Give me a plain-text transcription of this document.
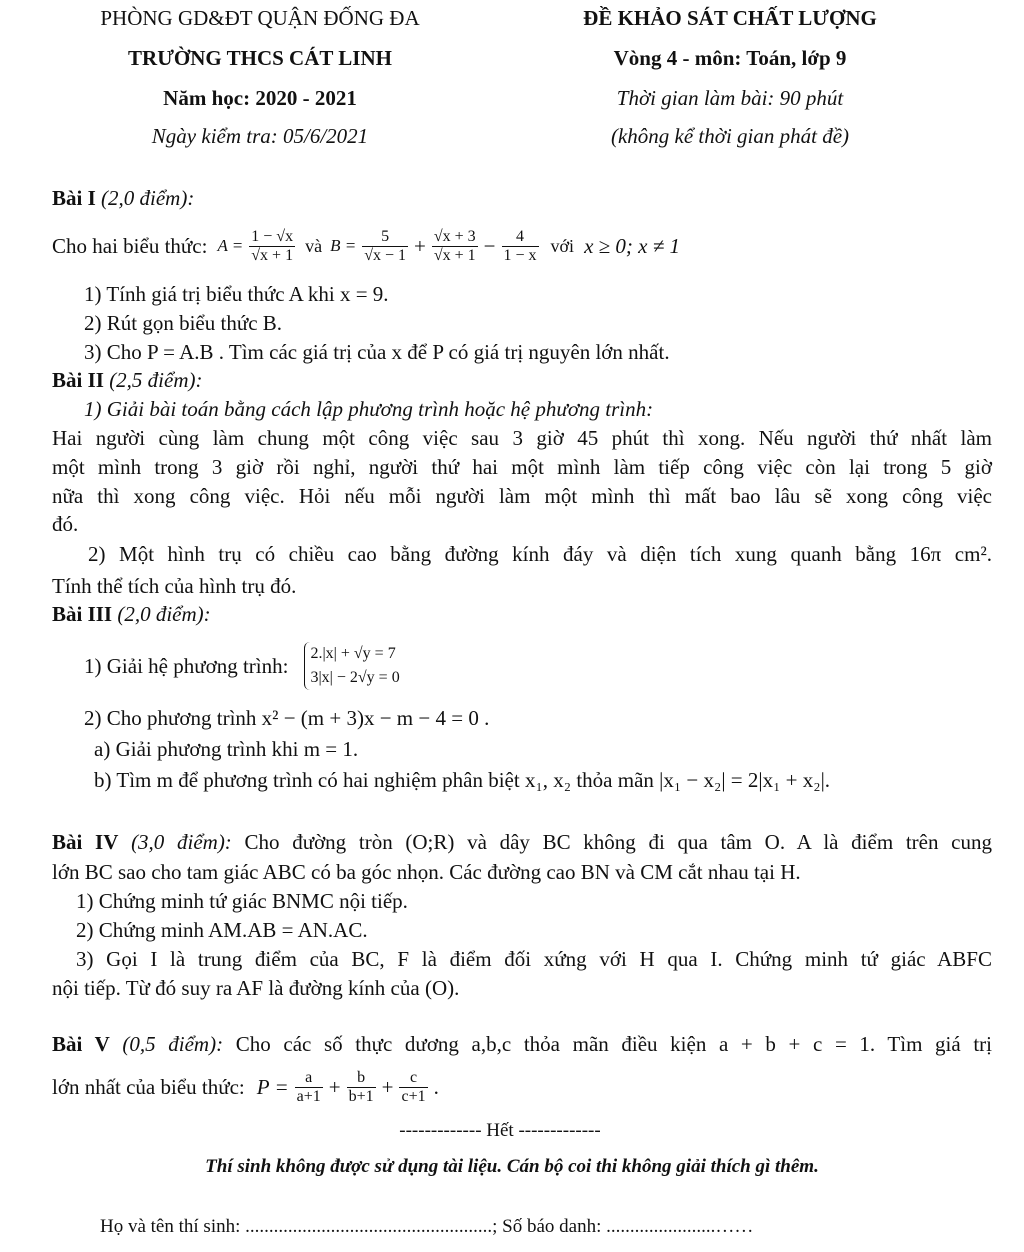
PHÒNG GD&ĐT QUẬN ĐỐNG ĐA
TRƯỜNG THCS CÁT LINH
Năm học: 2020 - 2021
Ngày kiểm tra: 05/6/2021
ĐỀ KHẢO SÁT CHẤT LƯỢNG
Vòng 4 - môn: Toán, lớp 9
Thời gian làm bài: 90 phút
(không kể thời gian phát đề)
Bài I (2,0 điểm):
Cho hai biểu thức: $A = \frac{1 - √x}{√x + 1}$ và $B = \frac{5}{√x - 1} + \frac{√x + 3}{√x + 1} - \frac{4}{1 - x}$ với x ≥ 0; x ≠ 1
1) Tính giá trị biểu thức A khi x = 9.
2) Rút gọn biểu thức B.
3) Cho P = A.B . Tìm các giá trị của x để P có giá trị nguyên lớn nhất.
Bài II (2,5 điểm):
1) Giải bài toán bằng cách lập phương trình hoặc hệ phương trình:
Hai người cùng làm chung một công việc sau 3 giờ 45 phút thì xong. Nếu người thứ nhất làm
một mình trong 3 giờ rồi nghỉ, người thứ hai một mình làm tiếp công việc còn lại trong 5 giờ
nữa thì xong công việc. Hỏi nếu mỗi người làm một mình thì mất bao lâu sẽ xong công việc
đó.
2) Một hình trụ có chiều cao bằng đường kính đáy và diện tích xung quanh bằng 16π cm².
Tính thể tích của hình trụ đó.
Bài III (2,0 điểm):
1) Giải hệ phương trình: 2.|x| + √y = 7
3|x| − 2√y = 0
2) Cho phương trình x² − (m + 3)x − m − 4 = 0 .
a) Giải phương trình khi m = 1.
b) Tìm m để phương trình có hai nghiệm phân biệt x₁, x₂ thỏa mãn |x₁ − x₂| = 2|x₁ + x₂|.
Bài IV (3,0 điểm): Cho đường tròn (O;R) và dây BC không đi qua tâm O. A là điểm trên cung
lớn BC sao cho tam giác ABC có ba góc nhọn. Các đường cao BN và CM cắt nhau tại H.
1) Chứng minh tứ giác BNMC nội tiếp.
2) Chứng minh AM.AB = AN.AC.
3) Gọi I là trung điểm của BC, F là điểm đối xứng với H qua I. Chứng minh tứ giác ABFC
nội tiếp. Từ đó suy ra AF là đường kính của (O).
Bài V (0,5 điểm): Cho các số thực dương a,b,c thỏa mãn điều kiện a + b + c = 1. Tìm giá trị
lớn nhất của biểu thức: $P = \frac{a}{a+1} + \frac{b}{b+1} + \frac{c}{c+1}$ .
------------- Hết -------------
Thí sinh không được sử dụng tài liệu. Cán bộ coi thi không giải thích gì thêm.
Họ và tên thí sinh: ....................................................; Số báo danh: .......................……
